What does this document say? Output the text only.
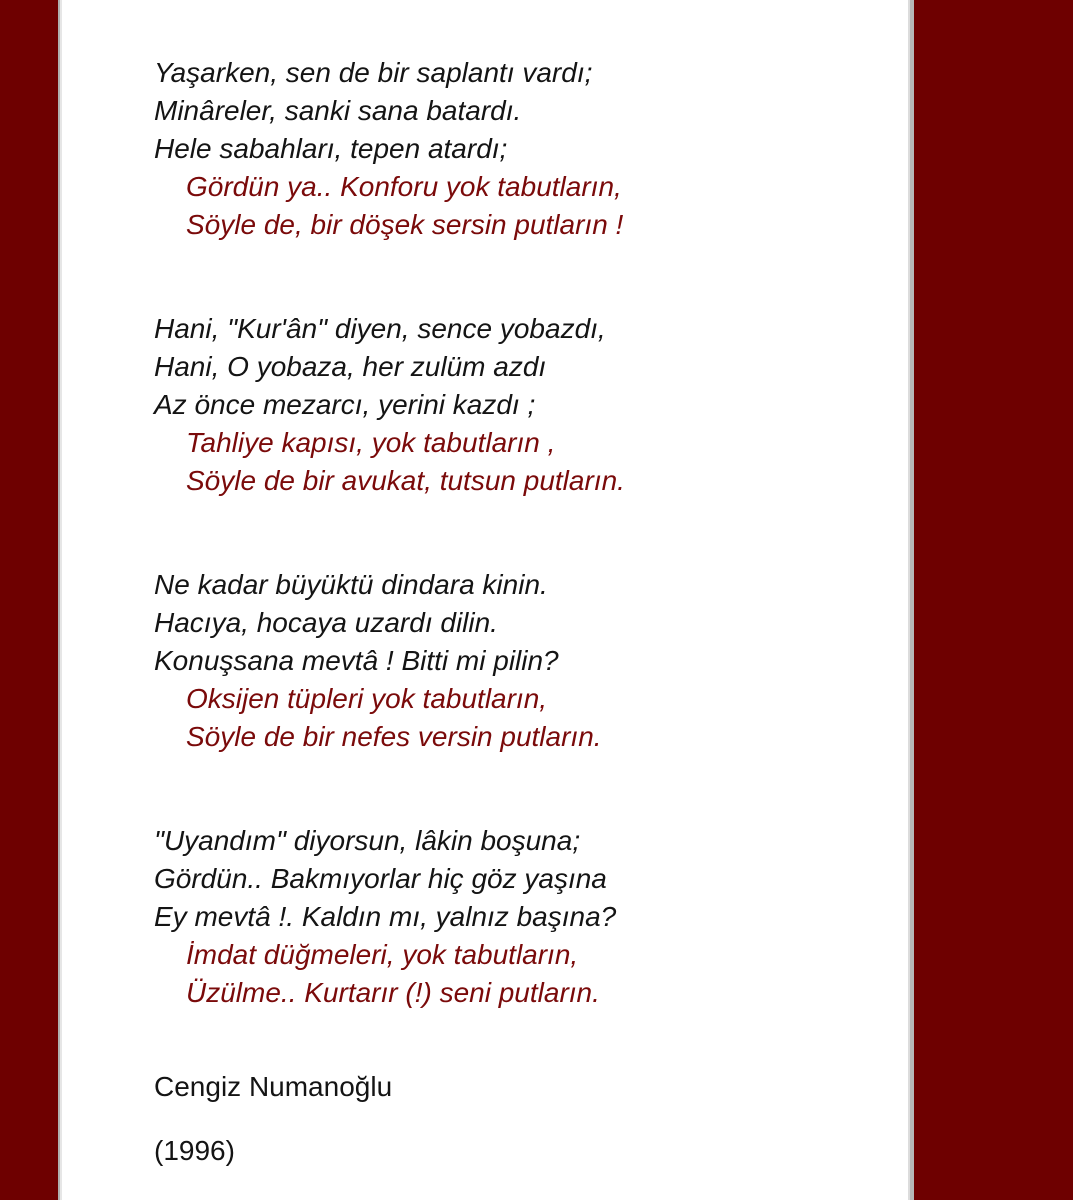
Yaşarken, sen de bir saplantı vardı;
Minâreler, sanki sana batardı.
Hele sabahları, tepen atardı;
Gördün ya.. Konforu yok tabutların,
Söyle de, bir döşek sersin putların !
Hani, "Kur'ân" diyen, sence yobazdı,
Hani, O yobaza, her zulüm azdı
Az önce mezarcı, yerini kazdı ;
Tahliye kapısı, yok tabutların ,
Söyle de bir avukat, tutsun putların.
Ne kadar büyüktü dindara kinin.
Hacıya, hocaya uzardı dilin.
Konuşsana mevtâ ! Bitti mi pilin?
Oksijen tüpleri yok tabutların,
Söyle de bir nefes versin putların.
"Uyandım" diyorsun, lâkin boşuna;
Gördün.. Bakmıyorlar hiç göz yaşına
Ey mevtâ !. Kaldın mı, yalnız başına?
İmdat düğmeleri, yok tabutların,
Üzülme.. Kurtarır (!) seni putların.
Cengiz Numanoğlu
(1996)
